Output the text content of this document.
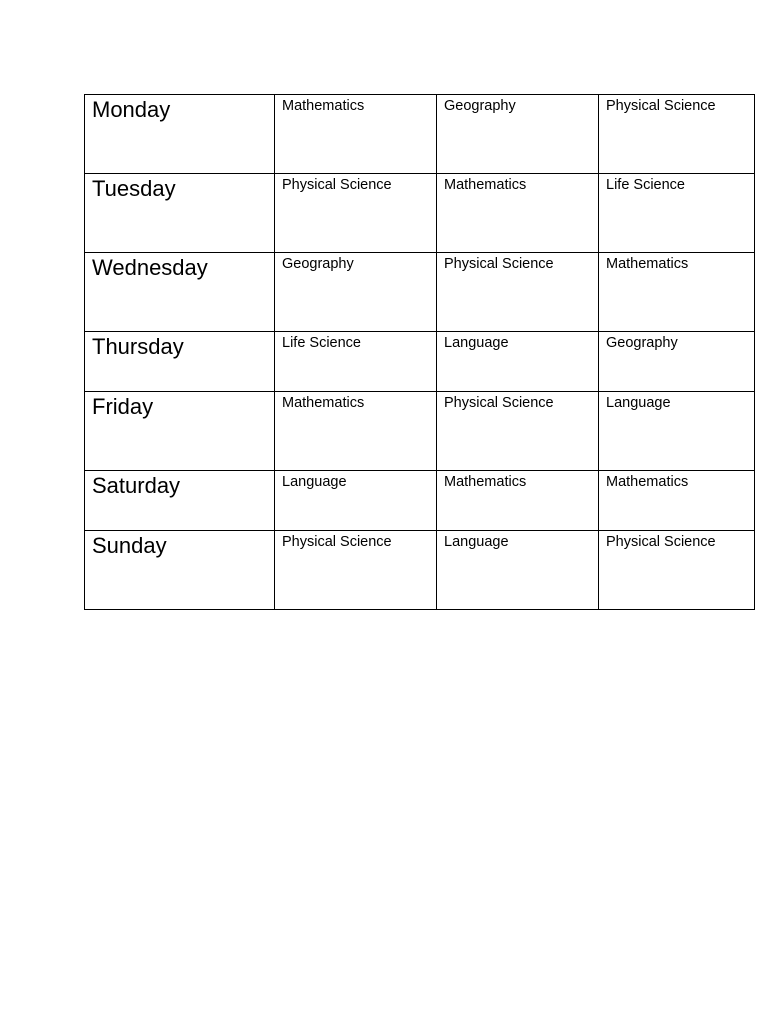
Monday	Mathematics	Geography	Physical Science
Tuesday	Physical Science	Mathematics	Life Science
Wednesday	Geography	Physical Science	Mathematics
Thursday	Life Science	Language	Geography
Friday	Mathematics	Physical Science	Language
Saturday	Language	Mathematics	Mathematics
Sunday	Physical Science	Language	Physical Science
